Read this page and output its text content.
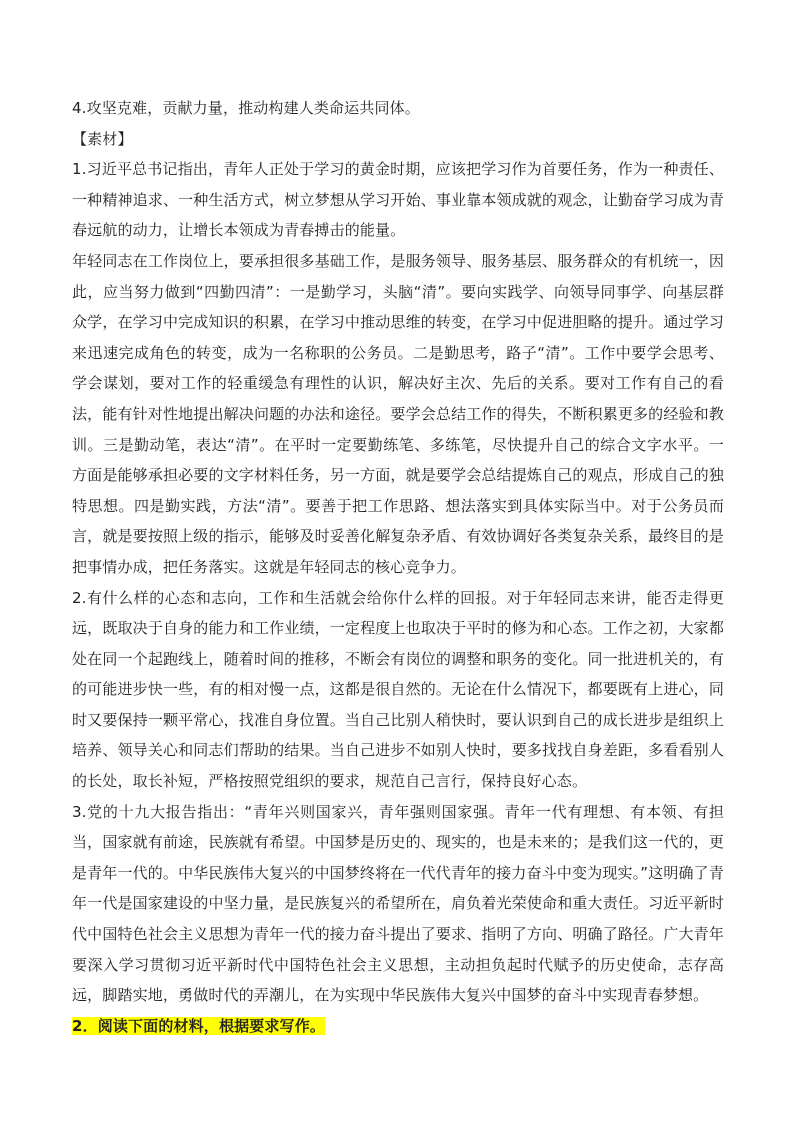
4.攻坚克难，贡献力量，推动构建人类命运共同体。

【素材】

1.习近平总书记指出，青年人正处于学习的黄金时期，应该把学习作为首要任务，作为一种责任、一种精神追求、一种生活方式，树立梦想从学习开始、事业靠本领成就的观念，让勤奋学习成为青春远航的动力，让增长本领成为青春搏击的能量。

年轻同志在工作岗位上，要承担很多基础工作，是服务领导、服务基层、服务群众的有机统一，因此，应当努力做到“四勤四清”：一是勤学习，头脑“清”。要向实践学、向领导同事学、向基层群众学，在学习中完成知识的积累，在学习中推动思维的转变，在学习中促进胆略的提升。通过学习来迅速完成角色的转变，成为一名称职的公务员。二是勤思考，路子“清”。工作中要学会思考、学会谋划，要对工作的轻重缓急有理性的认识，解决好主次、先后的关系。要对工作有自己的看法，能有针对性地提出解决问题的办法和途径。要学会总结工作的得失，不断积累更多的经验和教训。三是勤动笔，表达“清”。在平时一定要勤练笔、多练笔，尽快提升自己的综合文字水平。一方面是能够承担必要的文字材料任务，另一方面，就是要学会总结提炼自己的观点，形成自己的独特思想。四是勤实践，方法“清”。要善于把工作思路、想法落实到具体实际当中。对于公务员而言，就是要按照上级的指示，能够及时妥善化解复杂矛盾、有效协调好各类复杂关系，最终目的是把事情办成，把任务落实。这就是年轻同志的核心竞争力。

2.有什么样的心态和志向，工作和生活就会给你什么样的回报。对于年轻同志来讲，能否走得更远，既取决于自身的能力和工作业绩，一定程度上也取决于平时的修为和心态。工作之初，大家都处在同一个起跑线上，随着时间的推移，不断会有岗位的调整和职务的变化。同一批进机关的，有的可能进步快一些，有的相对慢一点，这都是很自然的。无论在什么情况下，都要既有上进心，同时又要保持一颗平常心，找准自身位置。当自己比别人稍快时，要认识到自己的成长进步是组织上培养、领导关心和同志们帮助的结果。当自己进步不如别人快时，要多找找自身差距，多看看别人的长处，取长补短，严格按照党组织的要求，规范自己言行，保持良好心态。

3.党的十九大报告指出：“青年兴则国家兴，青年强则国家强。青年一代有理想、有本领、有担当，国家就有前途，民族就有希望。中国梦是历史的、现实的，也是未来的；是我们这一代的，更是青年一代的。中华民族伟大复兴的中国梦终将在一代代青年的接力奋斗中变为现实。”这明确了青年一代是国家建设的中坚力量，是民族复兴的希望所在，肩负着光荣使命和重大责任。习近平新时代中国特色社会主义思想为青年一代的接力奋斗提出了要求、指明了方向、明确了路径。广大青年要深入学习贯彻习近平新时代中国特色社会主义思想，主动担负起时代赋予的历史使命，志存高远，脚踏实地，勇做时代的弄潮儿，在为实现中华民族伟大复兴中国梦的奋斗中实现青春梦想。

2．阅读下面的材料，根据要求写作。
